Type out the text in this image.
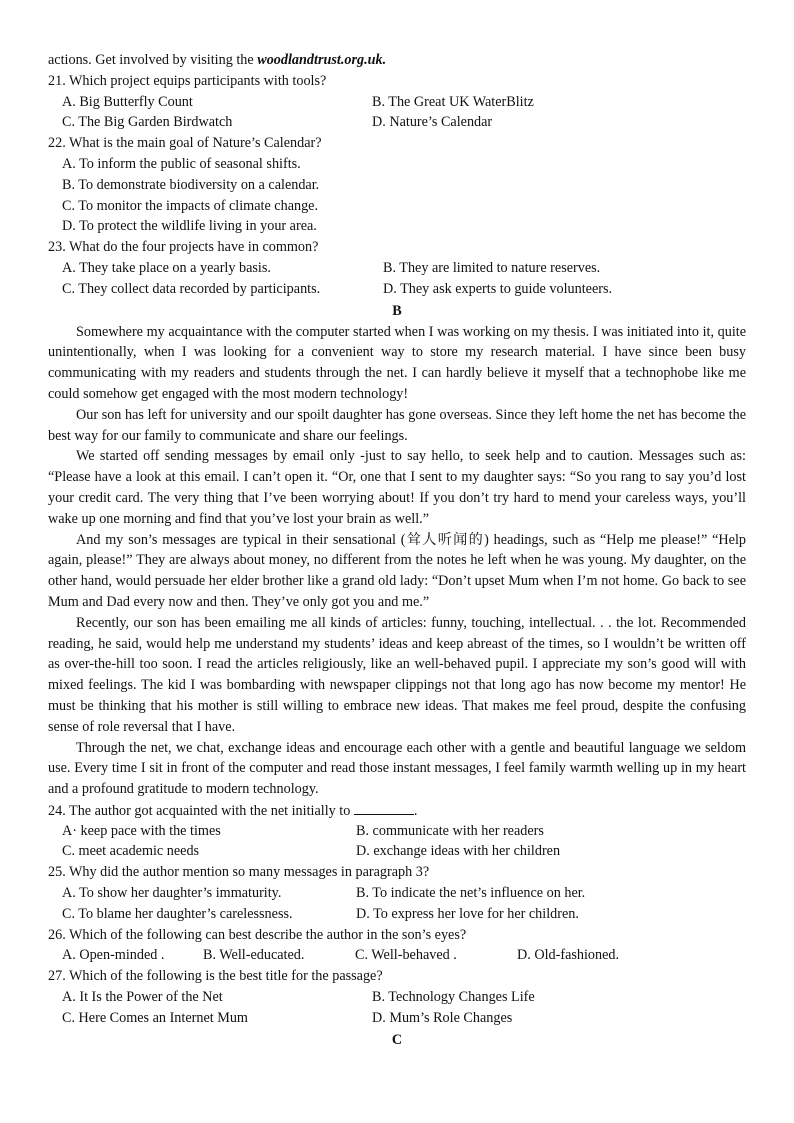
actions. Get involved by visiting the woodlandtrust.org.uk.
21. Which project equips participants with tools?
A. Big Butterfly Count	B. The Great UK WaterBlitz
C. The Big Garden Birdwatch	D. Nature’s Calendar
22. What is the main goal of Nature’s Calendar?
A. To inform the public of seasonal shifts.
B. To demonstrate biodiversity on a calendar.
C. To monitor the impacts of climate change.
D. To protect the wildlife living in your area.
23. What do the four projects have in common?
A. They take place on a yearly basis.	B. They are limited to nature reserves.
C. They collect data recorded by participants.	D. They ask experts to guide volunteers.
B

Somewhere my acquaintance with the computer started when I was working on my thesis. I was initiated into it, quite unintentionally, when I was looking for a convenient way to store my research material. I have since been busy communicating with my readers and students through the net. I can hardly believe it myself that a technophobe like me could somehow get engaged with the most modern technology!

Our son has left for university and our spoilt daughter has gone overseas. Since they left home the net has become the best way for our family to communicate and share our feelings.

We started off sending messages by email only -just to say hello, to seek help and to caution. Messages such as: “Please have a look at this email. I can’t open it. “Or, one that I sent to my daughter says: “So you rang to say you’d lost your credit card. The very thing that I’ve been worrying about! If you don’t try hard to mend your careless ways, you’ll wake up one morning and find that you’ve lost your brain as well.”

And my son’s messages are typical in their sensational (耸人听闻的) headings, such as “Help me please!” “Help again, please!” They are always about money, no different from the notes he left when he was young. My daughter, on the other hand, would persuade her elder brother like a grand old lady: “Don’t upset Mum when I’m not home. Go back to see Mum and Dad every now and then. They’ve only got you and me.”

Recently, our son has been emailing me all kinds of articles: funny, touching, intellectual. . . the lot. Recommended reading, he said, would help me understand my students’ ideas and keep abreast of the times, so I wouldn’t be written off as over-the-hill too soon. I read the articles religiously, like an well-behaved pupil. I appreciate my son’s good will with mixed feelings. The kid I was bombarding with newspaper clippings not that long ago has now become my mentor! He must be thinking that his mother is still willing to embrace new ideas. That makes me feel proud, despite the confusing sense of role reversal that I have.

Through the net, we chat, exchange ideas and encourage each other with a gentle and beautiful language we seldom use. Every time I sit in front of the computer and read those instant messages, I feel family warmth welling up in my heart and a profound gratitude to modern technology.

24. The author got acquainted with the net initially to	.
A· keep pace with the times	B. communicate with her readers
C. meet academic needs	D. exchange ideas with her children
25. Why did the author mention so many messages in paragraph 3?
A. To show her daughter’s immaturity.	B. To indicate the net’s influence on her.
C. To blame her daughter’s carelessness.	D. To express her love for her children.
26. Which of the following can best describe the author in the son’s eyes?
A. Open-minded .	B. Well-educated.	C. Well-behaved .	D. Old-fashioned.
27. Which of the following is the best title for the passage?
A. It Is the Power of the Net	B. Technology Changes Life
C. Here Comes an Internet Mum	D. Mum’s Role Changes
C
